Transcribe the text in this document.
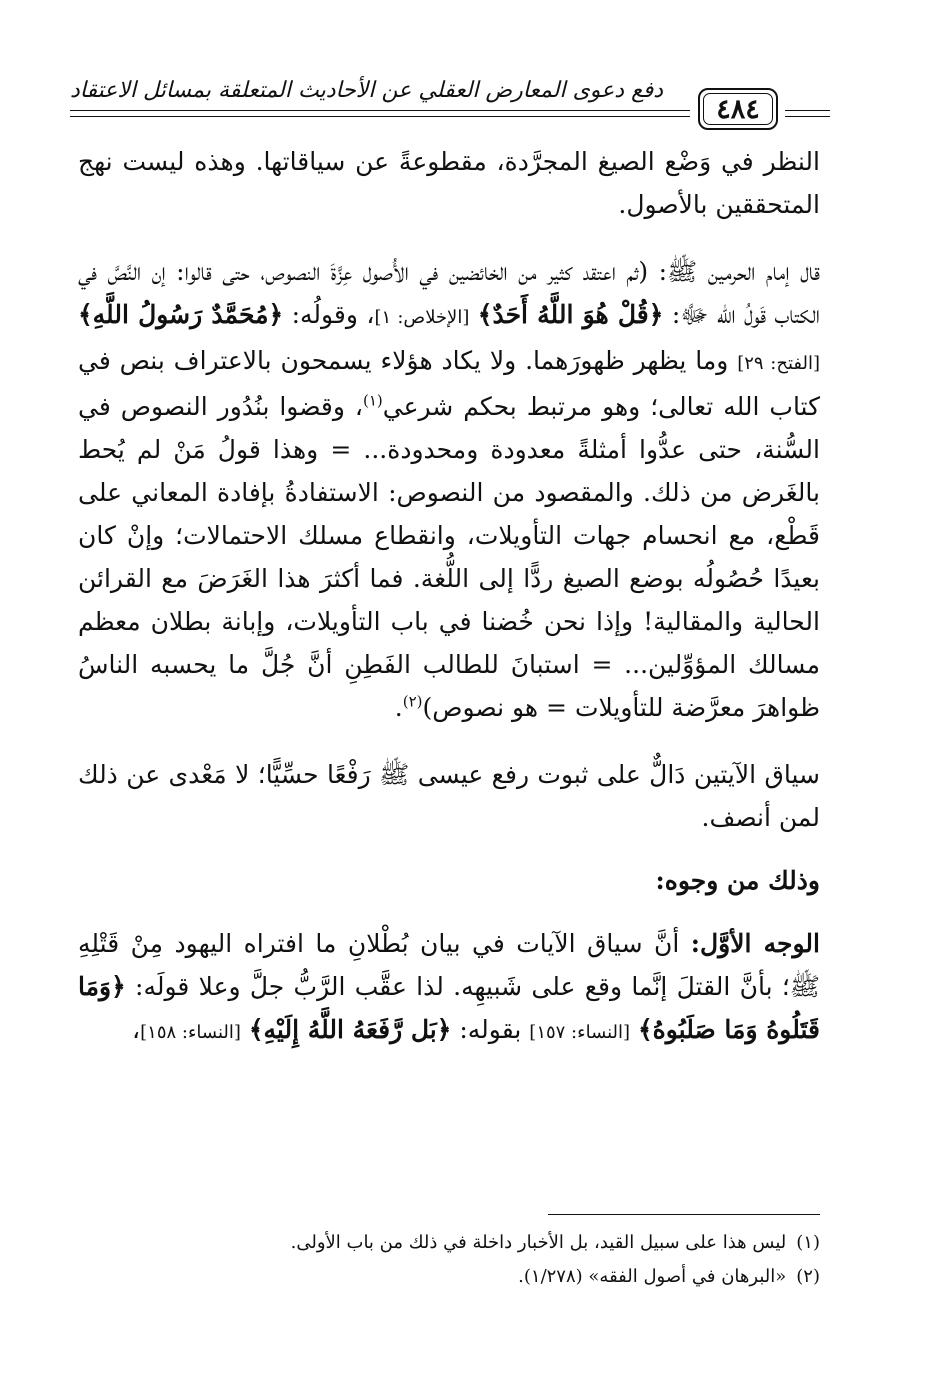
دفع دعوى المعارض العقلي عن الأحاديث المتعلقة بمسائل الاعتقاد
٤٨٤

النظر في وَضْع الصيغ المجرَّدة، مقطوعةً عن سياقاتها. وهذه ليست نهج المتحققين بالأصول.

قال إمام الحرمين ﷺ: (ثم اعتقد كثير من الخائضين في الأُصول عِزَّةَ النصوص، حتى قالوا: إن النَّصَّ في الكتاب قَولُ الله ﷻ: ﴿قُلْ هُوَ اللَّهُ أَحَدٌ﴾ [الإخلاص: ١]، وقولُه: ﴿مُحَمَّدٌ رَسُولُ اللَّهِ﴾ [الفتح: ٢٩] وما يظهر ظهورَهما. ولا يكاد هؤلاء يسمحون بالاعتراف بنص في كتاب الله تعالى؛ وهو مرتبط بحكم شرعي$^{(١)}$، وقضوا بنُدُور النصوص في السُّنة، حتى عدُّوا أمثلةً معدودة ومحدودة... = وهذا قولُ مَنْ لم يُحط بالغَرض من ذلك. والمقصود من النصوص: الاستفادةُ بإفادة المعاني على قَطْع، مع انحسام جهات التأويلات، وانقطاع مسلك الاحتمالات؛ وإنْ كان بعيدًا حُصُولُه بوضع الصيغ ردًّا إلى اللُّغة. فما أكثرَ هذا الغَرَضَ مع القرائن الحالية والمقالية! وإذا نحن خُضنا في باب التأويلات، وإبانة بطلان معظم مسالك المؤوِّلين... = استبانَ للطالب الفَطِنِ أنَّ جُلَّ ما يحسبه الناسُ ظواهرَ معرَّضة للتأويلات = هو نصوص)$^{(٢)}$.

سياق الآيتين دَالٌّ على ثبوت رفع عيسى ﷺ رَفْعًا حسِّيًّا؛ لا مَعْدى عن ذلك لمن أنصف.

وذلك من وجوه:

الوجه الأوَّل: أنَّ سياق الآيات في بيان بُطْلانِ ما افتراه اليهود مِنْ قَتْلِهِ ﷺ؛ بأنَّ القتلَ إنَّما وقع على شَبيهِه. لذا عقَّب الرَّبُّ جلَّ وعلا قولَه: ﴿وَمَا قَتَلُوهُ وَمَا صَلَبُوهُ﴾ [النساء: ١٥٧] بقوله: ﴿بَل رَّفَعَهُ اللَّهُ إِلَيْهِ﴾ [النساء: ١٥٨]،

(١)ليس هذا على سبيل القيد، بل الأخبار داخلة في ذلك من باب الأولى.

(٢)«البرهان في أصول الفقه» (١/٢٧٨).
